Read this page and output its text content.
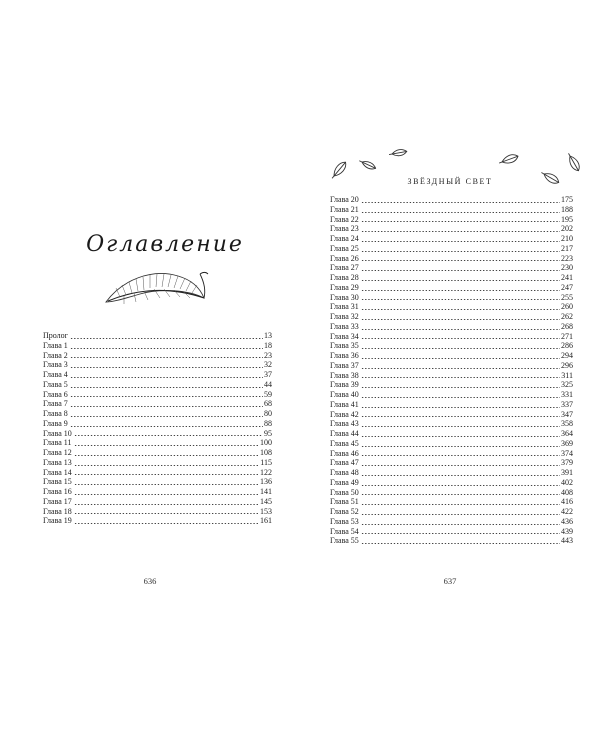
Оглавление
Пролог	13
Глава 1	18
Глава 2	23
Глава 3	32
Глава 4	37
Глава 5	44
Глава 6	59
Глава 7	68
Глава 8	80
Глава 9	88
Глава 10	95
Глава 11	100
Глава 12	108
Глава 13	115
Глава 14	122
Глава 15	136
Глава 16	141
Глава 17	145
Глава 18	153
Глава 19	161
636
ЗВЁЗДНЫЙ СВЕТ
Глава 20	175
Глава 21	188
Глава 22	195
Глава 23	202
Глава 24	210
Глава 25	217
Глава 26	223
Глава 27	230
Глава 28	241
Глава 29	247
Глава 30	255
Глава 31	260
Глава 32	262
Глава 33	268
Глава 34	271
Глава 35	286
Глава 36	294
Глава 37	296
Глава 38	311
Глава 39	325
Глава 40	331
Глава 41	337
Глава 42	347
Глава 43	358
Глава 44	364
Глава 45	369
Глава 46	374
Глава 47	379
Глава 48	391
Глава 49	402
Глава 50	408
Глава 51	416
Глава 52	422
Глава 53	436
Глава 54	439
Глава 55	443
637
